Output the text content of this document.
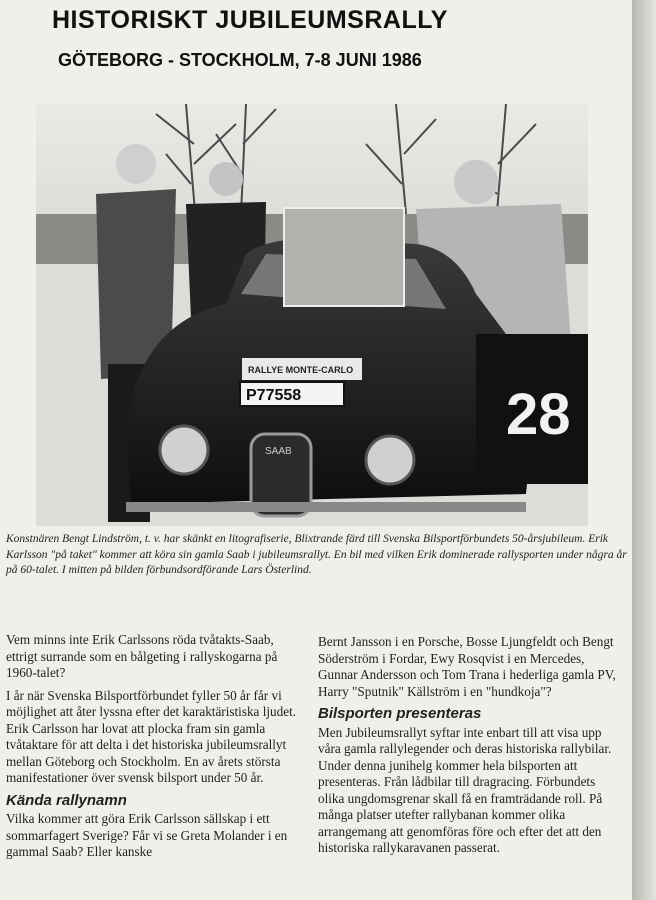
HISTORISKT JUBILEUMSRALLY
GÖTEBORG - STOCKHOLM, 7-8 JUNI 1986
28
RALLYE MONTE-CARLO
P77558
SAAB

Konstnären Bengt Lindström, t. v. har skänkt en litografiserie, Blixtrande färd till Svenska Bilsportförbundets 50-årsjubileum. Erik Karlsson "på taket" kommer att köra sin gamla Saab i jubileumsrallyt. En bil med vilken Erik dominerade rallysporten under några år på 60-talet. I mitten på bilden förbundsordförande Lars Österlind.

Vem minns inte Erik Carlssons röda tvåtakts-Saab, ettrigt surrande som en bålgeting i rallyskogarna på 1960-talet?

I år när Svenska Bilsportförbundet fyller 50 år får vi möjlighet att åter lyssna efter det karaktäristiska ljudet. Erik Carlsson har lovat att plocka fram sin gamla tvåtaktare för att delta i det historiska jubileumsrallyt mellan Göteborg och Stockholm. En av årets största manifestationer över svensk bilsport under 50 år.

Kända rallynamn

Vilka kommer att göra Erik Carlsson sällskap i ett sommarfagert Sverige? Får vi se Greta Molander i en gammal Saab? Eller kanske

Bernt Jansson i en Porsche, Bosse Ljungfeldt och Bengt Söderström i Fordar, Ewy Rosqvist i en Mercedes, Gunnar Andersson och Tom Trana i hederliga gamla PV, Harry "Sputnik" Källström i en "hundkoja"?

Bilsporten presenteras

Men Jubileumsrallyt syftar inte enbart till att visa upp våra gamla rallylegender och deras historiska rallybilar. Under denna junihelg kommer hela bilsporten att presenteras. Från lådbilar till dragracing. Förbundets olika ungdomsgrenar skall få en framträdande roll. På många platser utefter rallybanan kommer olika arrangemang att genomföras före och efter det att den historiska rallykaravanen passerat.
